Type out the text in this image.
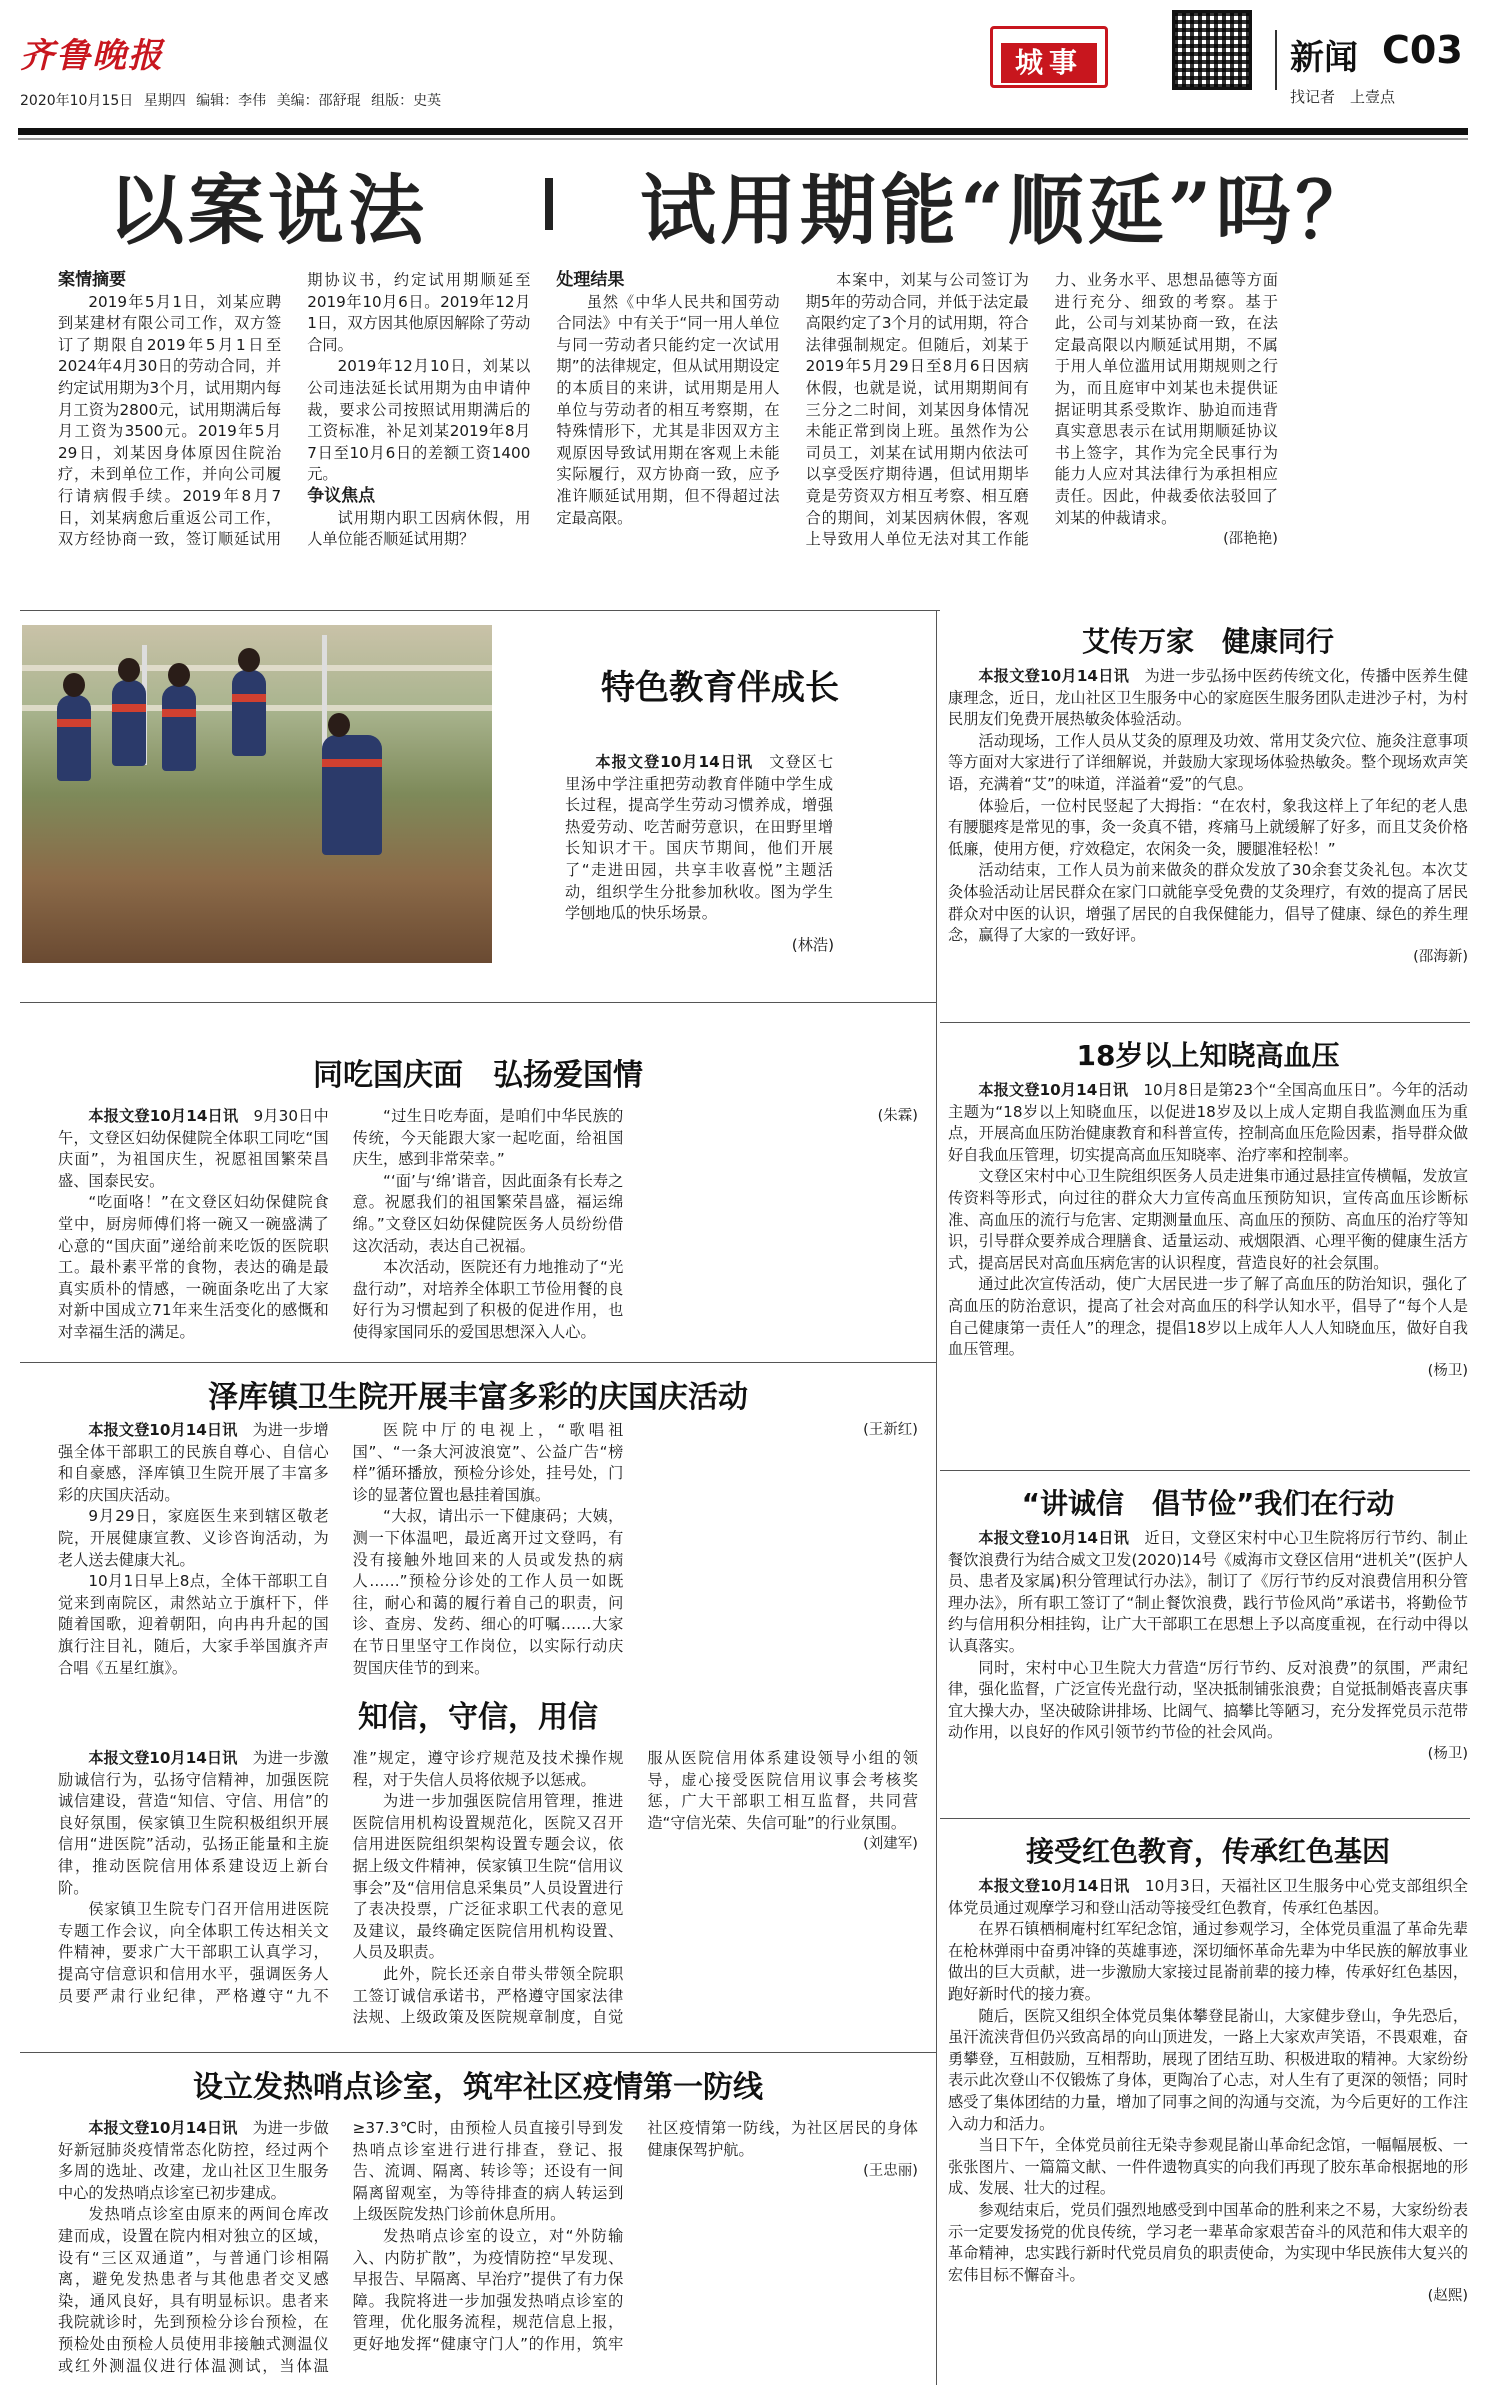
齐鲁晚报
2020年10月15日 星期四 编辑：李伟 美编：邵舒琨 组版：史英
城事	新闻 C03
找记者　 上壹点
以案说法	试用期能“顺延”吗？

案情摘要

2019年5月1日，刘某应聘到某建材有限公司工作，双方签订了期限自2019年5月1日至2024年4月30日的劳动合同，并约定试用期为3个月，试用期内每月工资为2800元，试用期满后每月工资为3500元。2019年5月29日，刘某因身体原因住院治疗，未到单位工作，并向公司履行请病假手续。2019年8月7日，刘某病愈后重返公司工作，双方经协商一致，签订顺延试用期协议书，约定试用期顺延至2019年10月6日。2019年12月1日，双方因其他原因解除了劳动合同。

2019年12月10日，刘某以公司违法延长试用期为由申请仲裁，要求公司按照试用期满后的工资标准，补足刘某2019年8月7日至10月6日的差额工资1400元。

争议焦点

试用期内职工因病休假，用人单位能否顺延试用期？

处理结果

虽然《中华人民共和国劳动合同法》中有关于“同一用人单位与同一劳动者只能约定一次试用期”的法律规定，但从试用期设定的本质目的来讲，试用期是用人单位与劳动者的相互考察期，在特殊情形下，尤其是非因双方主观原因导致试用期在客观上未能实际履行，双方协商一致，应予准许顺延试用期，但不得超过法定最高限。

本案中，刘某与公司签订为期5年的劳动合同，并低于法定最高限约定了3个月的试用期，符合法律强制规定。但随后，刘某于2019年5月29日至8月6日因病休假，也就是说，试用期期间有三分之二时间，刘某因身体情况未能正常到岗上班。虽然作为公司员工，刘某在试用期内依法可以享受医疗期待遇，但试用期毕竟是劳资双方相互考察、相互磨合的期间，刘某因病休假，客观上导致用人单位无法对其工作能力、业务水平、思想品德等方面进行充分、细致的考察。基于此，公司与刘某协商一致，在法定最高限以内顺延试用期，不属于用人单位滥用试用期规则之行为，而且庭审中刘某也未提供证据证明其系受欺诈、胁迫而违背真实意思表示在试用期顺延协议书上签字，其作为完全民事行为能力人应对其法律行为承担相应责任。因此，仲裁委依法驳回了刘某的仲裁请求。

(邵艳艳)

特色教育伴成长

本报文登10月14日讯　 文登区七里汤中学注重把劳动教育伴随中学生成长过程，提高学生劳动习惯养成，增强热爱劳动、吃苦耐劳意识，在田野里增长知识才干。国庆节期间，他们开展了“走进田园，共享丰收喜悦”主题活动，组织学生分批参加秋收。图为学生学刨地瓜的快乐场景。

(林浩)
艾传万家　健康同行

本报文登10月14日讯　 为进一步弘扬中医药传统文化，传播中医养生健康理念，近日，龙山社区卫生服务中心的家庭医生服务团队走进沙子村，为村民朋友们免费开展热敏灸体验活动。

活动现场，工作人员从艾灸的原理及功效、常用艾灸穴位、施灸注意事项等方面对大家进行了详细解说，并鼓励大家现场体验热敏灸。整个现场欢声笑语，充满着“艾”的味道，洋溢着“爱”的气息。

体验后，一位村民竖起了大拇指：“在农村，象我这样上了年纪的老人患有腰腿疼是常见的事，灸一灸真不错，疼痛马上就缓解了好多，而且艾灸价格低廉，使用方便，疗效稳定，农闲灸一灸，腰腿准轻松！”

活动结束，工作人员为前来做灸的群众发放了30余套艾灸礼包。本次艾灸体验活动让居民群众在家门口就能享受免费的艾灸理疗，有效的提高了居民群众对中医的认识，增强了居民的自我保健能力，倡导了健康、绿色的养生理念，赢得了大家的一致好评。

(邵海新)

18岁以上知晓高血压

本报文登10月14日讯　 10月8日是第23个“全国高血压日”。今年的活动主题为“18岁以上知晓血压，以促进18岁及以上成人定期自我监测血压为重点，开展高血压防治健康教育和科普宣传，控制高血压危险因素，指导群众做好自我血压管理，切实提高高血压知晓率、治疗率和控制率。

文登区宋村中心卫生院组织医务人员走进集市通过悬挂宣传横幅，发放宣传资料等形式，向过往的群众大力宣传高血压预防知识，宣传高血压诊断标准、高血压的流行与危害、定期测量血压、高血压的预防、高血压的治疗等知识，引导群众要养成合理膳食、适量运动、戒烟限酒、心理平衡的健康生活方式，提高居民对高血压病危害的认识程度，营造良好的社会氛围。

通过此次宣传活动，使广大居民进一步了解了高血压的防治知识，强化了高血压的防治意识，提高了社会对高血压的科学认知水平，倡导了“每个人是自己健康第一责任人”的理念，提倡18岁以上成年人人人知晓血压，做好自我血压管理。

(杨卫)

“讲诚信　倡节俭”我们在行动

本报文登10月14日讯　 近日，文登区宋村中心卫生院将厉行节约、制止餐饮浪费行为结合威文卫发(2020)14号《威海市文登区信用“进机关”(医护人员、患者及家属)积分管理试行办法》，制订了《厉行节约反对浪费信用积分管理办法》，所有职工签订了“制止餐饮浪费，践行节俭风尚”承诺书，将勤俭节约与信用积分相挂钩，让广大干部职工在思想上予以高度重视，在行动中得以认真落实。

同时，宋村中心卫生院大力营造“厉行节约、反对浪费”的氛围，严肃纪律，强化监督，广泛宣传光盘行动，坚决抵制铺张浪费；自觉抵制婚丧喜庆事宜大操大办，坚决破除讲排场、比阔气、搞攀比等陋习，充分发挥党员示范带动作用，以良好的作风引领节约节俭的社会风尚。

(杨卫)

接受红色教育，传承红色基因

本报文登10月14日讯　 10月3日，天福社区卫生服务中心党支部组织全体党员通过观摩学习和登山活动等接受红色教育，传承红色基因。

在界石镇栖桐庵村红军纪念馆，通过参观学习，全体党员重温了革命先辈在枪林弹雨中奋勇冲锋的英雄事迹，深切缅怀革命先辈为中华民族的解放事业做出的巨大贡献，进一步激励大家接过昆嵛前辈的接力棒，传承好红色基因，跑好新时代的接力赛。

随后，医院又组织全体党员集体攀登昆嵛山，大家健步登山，争先恐后，虽汗流浃背但仍兴致高昂的向山顶进发，一路上大家欢声笑语，不畏艰难，奋勇攀登，互相鼓励，互相帮助，展现了团结互助、积极进取的精神。大家纷纷表示此次登山不仅锻炼了身体，更陶冶了心志，对人生有了更深的领悟；同时感受了集体团结的力量，增加了同事之间的沟通与交流，为今后更好的工作注入动力和活力。

当日下午，全体党员前往无染寺参观昆嵛山革命纪念馆，一幅幅展板、一张张图片、一篇篇文献、一件件遗物真实的向我们再现了胶东革命根据地的形成、发展、壮大的过程。

参观结束后，党员们强烈地感受到中国革命的胜利来之不易，大家纷纷表示一定要发扬党的优良传统，学习老一辈革命家艰苦奋斗的风范和伟大艰辛的革命精神，忠实践行新时代党员肩负的职责使命，为实现中华民族伟大复兴的宏伟目标不懈奋斗。

(赵熙)

同吃国庆面　弘扬爱国情

本报文登10月14日讯　 9月30日中午，文登区妇幼保健院全体职工同吃“国庆面”，为祖国庆生，祝愿祖国繁荣昌盛、国泰民安。

“吃面咯！”在文登区妇幼保健院食堂中，厨房师傅们将一碗又一碗盛满了心意的“国庆面”递给前来吃饭的医院职工。最朴素平常的食物，表达的确是最真实质朴的情感，一碗面条吃出了大家对新中国成立71年来生活变化的感慨和对幸福生活的满足。

“过生日吃寿面，是咱们中华民族的传统，今天能跟大家一起吃面，给祖国庆生，感到非常荣幸。”

“‘面’与‘绵’谐音，因此面条有长寿之意。祝愿我们的祖国繁荣昌盛，福运绵绵。”文登区妇幼保健院医务人员纷纷借这次活动，表达自己祝福。

本次活动，医院还有力地推动了“光盘行动”，对培养全体职工节俭用餐的良好行为习惯起到了积极的促进作用，也使得家国同乐的爱国思想深入人心。

(朱霖)

泽库镇卫生院开展丰富多彩的庆国庆活动

本报文登10月14日讯　 为进一步增强全体干部职工的民族自尊心、自信心和自豪感，泽库镇卫生院开展了丰富多彩的庆国庆活动。

9月29日，家庭医生来到辖区敬老院，开展健康宣教、义诊咨询活动，为老人送去健康大礼。

10月1日早上8点，全体干部职工自觉来到南院区，肃然站立于旗杆下，伴随着国歌，迎着朝阳，向冉冉升起的国旗行注目礼，随后，大家手举国旗齐声合唱《五星红旗》。

医院中厅的电视上，“歌唱祖国”、“一条大河波浪宽”、公益广告“榜样”循环播放，预检分诊处，挂号处，门诊的显著位置也悬挂着国旗。

“大叔，请出示一下健康码；大姨，测一下体温吧，最近离开过文登吗，有没有接触外地回来的人员或发热的病人……”预检分诊处的工作人员一如既往，耐心和蔼的履行着自己的职责，问诊、查房、发药、细心的叮嘱……大家在节日里坚守工作岗位，以实际行动庆贺国庆佳节的到来。

(王新红)

知信，守信，用信

本报文登10月14日讯　 为进一步激励诚信行为，弘扬守信精神，加强医院诚信建设，营造“知信、守信、用信”的良好氛围，侯家镇卫生院积极组织开展信用“进医院”活动，弘扬正能量和主旋律，推动医院信用体系建设迈上新台阶。

侯家镇卫生院专门召开信用进医院专题工作会议，向全体职工传达相关文件精神，要求广大干部职工认真学习，提高守信意识和信用水平，强调医务人员要严肃行业纪律，严格遵守“九不准”规定，遵守诊疗规范及技术操作规程，对于失信人员将依规予以惩戒。

为进一步加强医院信用管理，推进医院信用机构设置规范化，医院又召开信用进医院组织架构设置专题会议，依据上级文件精神，侯家镇卫生院“信用议事会”及“信用信息采集员”人员设置进行了表决投票，广泛征求职工代表的意见及建议，最终确定医院信用机构设置、人员及职责。

此外，院长还亲自带头带领全院职工签订诚信承诺书，严格遵守国家法律法规、上级政策及医院规章制度，自觉服从医院信用体系建设领导小组的领导，虚心接受医院信用议事会考核奖惩，广大干部职工相互监督，共同营造“守信光荣、失信可耻”的行业氛围。

(刘建军)

设立发热哨点诊室，筑牢社区疫情第一防线

本报文登10月14日讯　 为进一步做好新冠肺炎疫情常态化防控，经过两个多周的选址、改建，龙山社区卫生服务中心的发热哨点诊室已初步建成。

发热哨点诊室由原来的两间仓库改建而成，设置在院内相对独立的区域，设有“三区双通道”，与普通门诊相隔离，避免发热患者与其他患者交叉感染，通风良好，具有明显标识。患者来我院就诊时，先到预检分诊台预检，在预检处由预检人员使用非接触式测温仪或红外测温仪进行体温测试，当体温≥37.3℃时，由预检人员直接引导到发热哨点诊室进行进行排查，登记、报告、流调、隔离、转诊等；还设有一间隔离留观室，为等待排查的病人转运到上级医院发热门诊前休息所用。

发热哨点诊室的设立，对“外防输入、内防扩散”，为疫情防控“早发现、早报告、早隔离、早治疗”提供了有力保障。我院将进一步加强发热哨点诊室的管理，优化服务流程，规范信息上报，更好地发挥“健康守门人”的作用，筑牢社区疫情第一防线，为社区居民的身体健康保驾护航。

(王忠丽)
